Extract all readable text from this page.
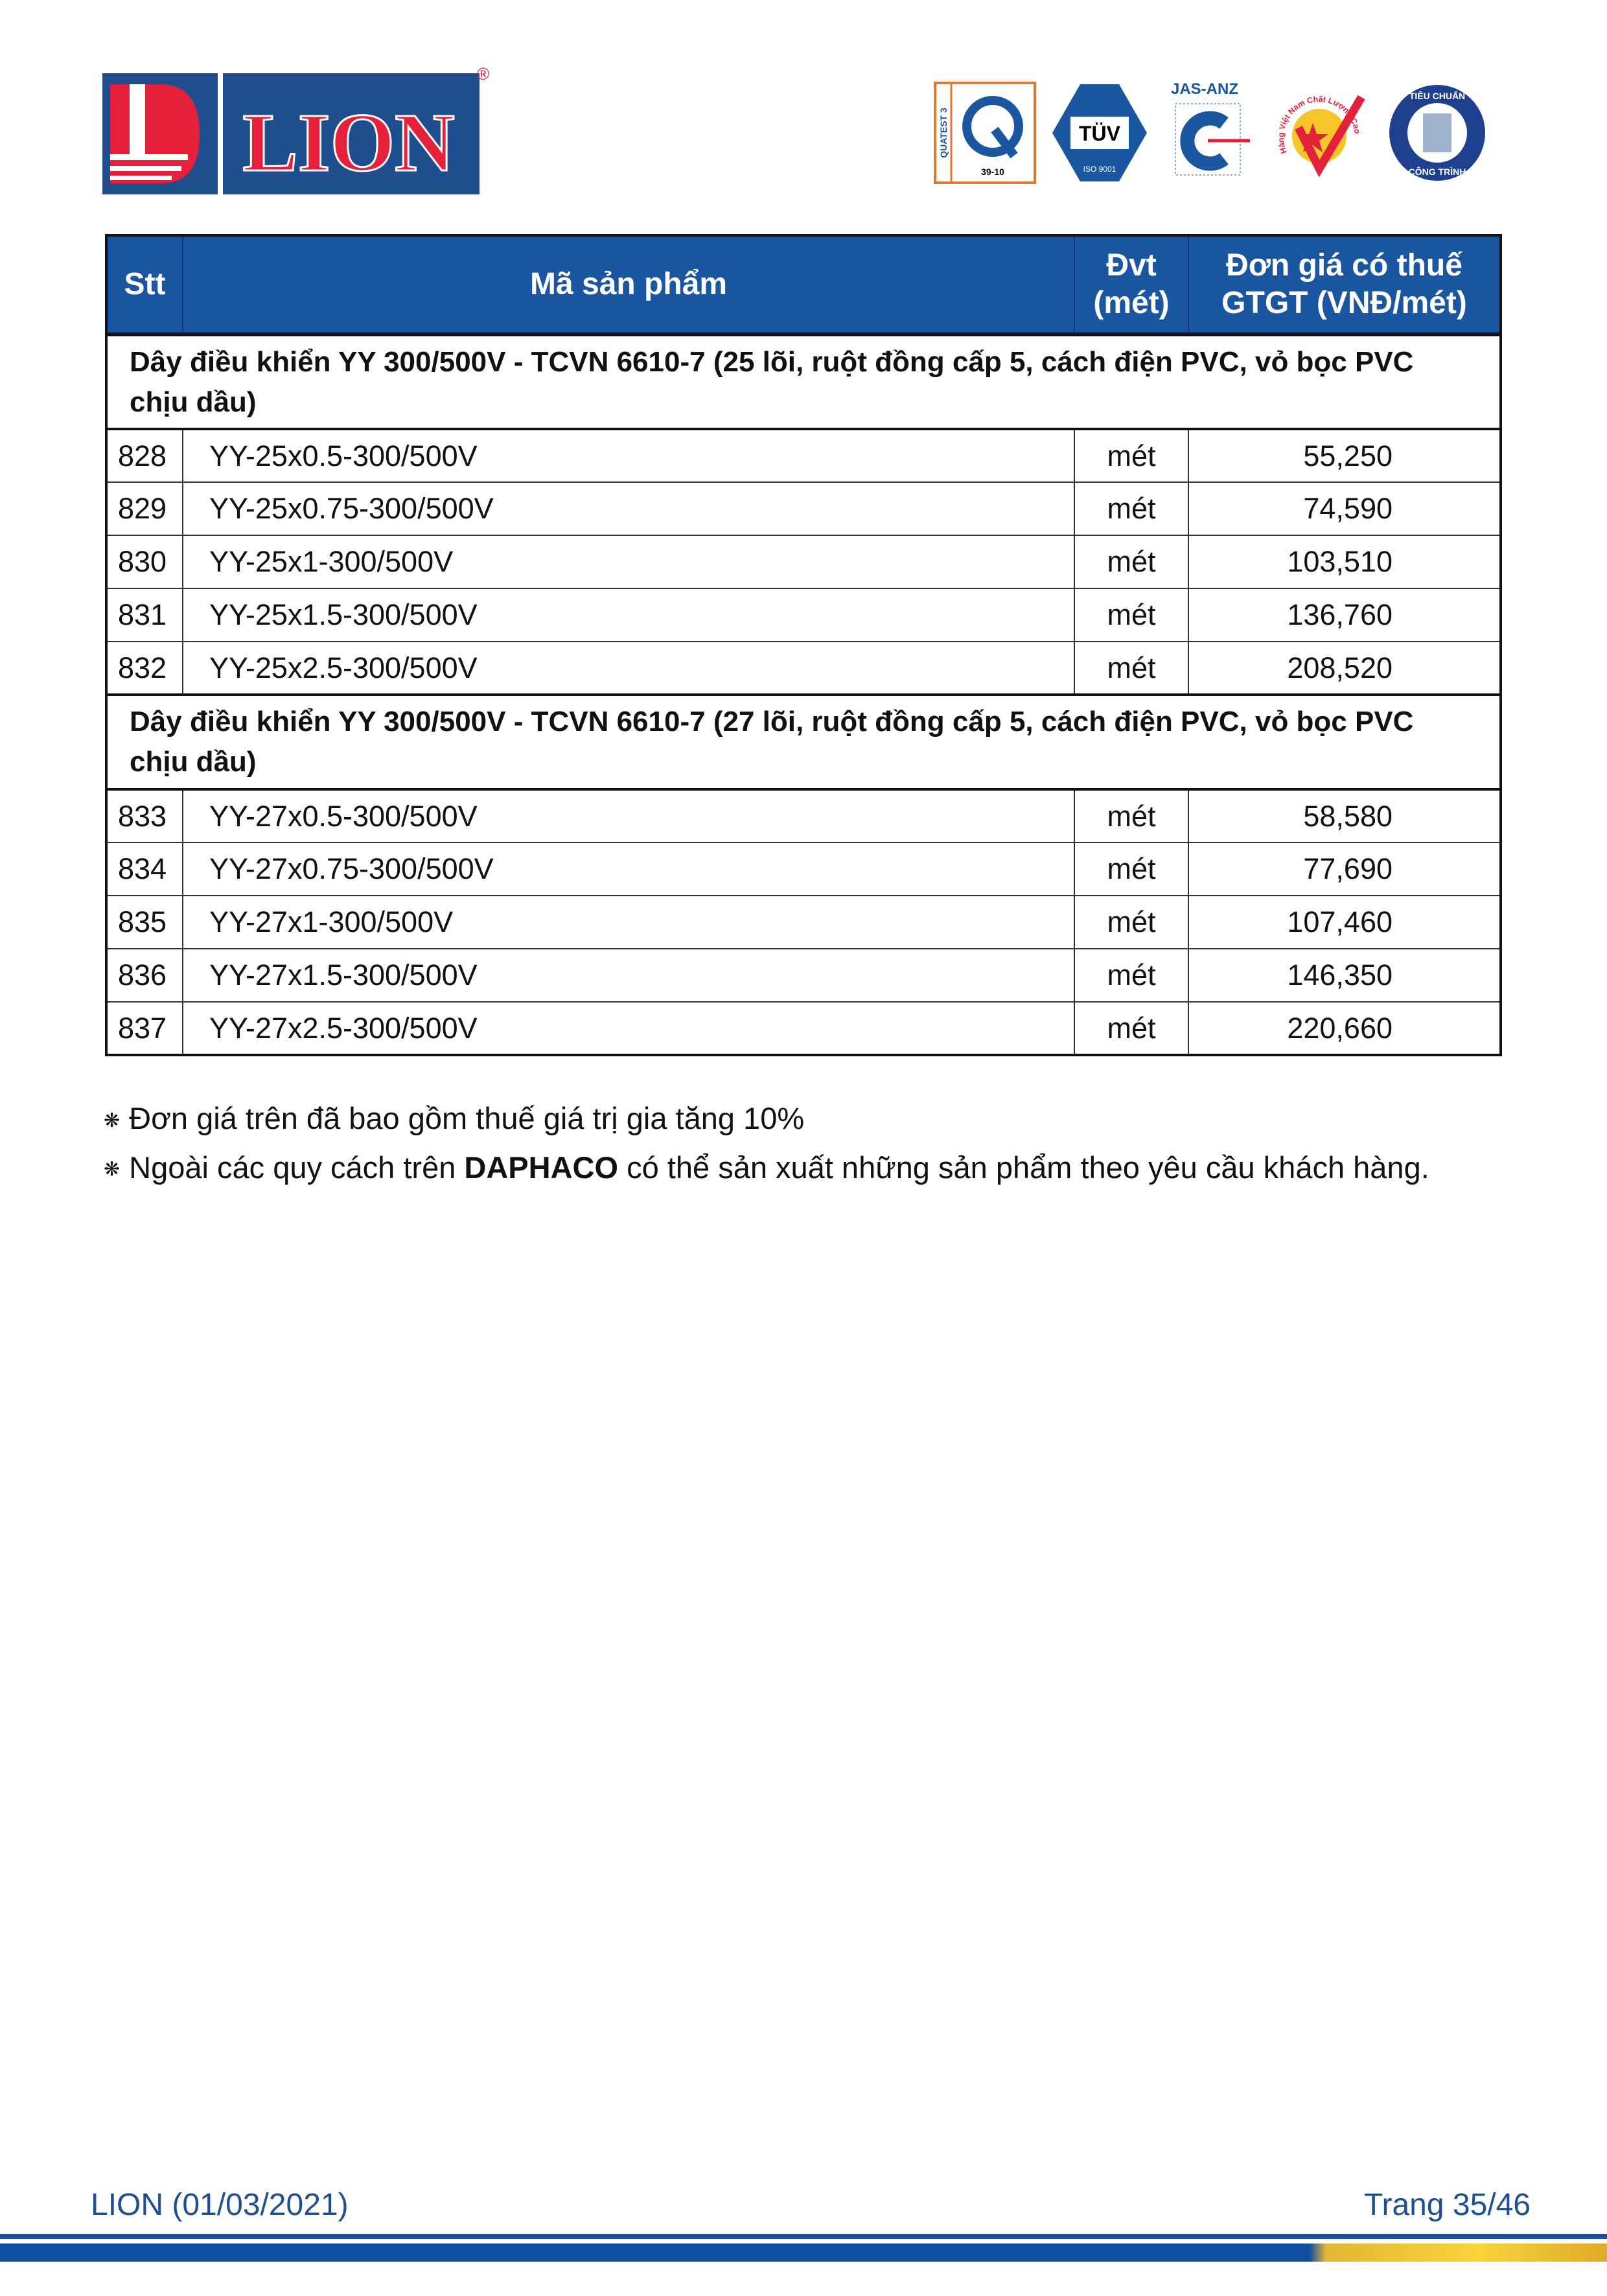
LION
®
QUATEST 3
39-10
TÜV
ISO 9001
JAS-ANZ
Hàng Việt Nam Chất Lượng Cao
TIÊU CHUẨN
CÔNG TRÌNH
Stt	Mã sản phẩm	Đvt (mét)	Đơn giá có thuế GTGT (VNĐ/mét)
Dây điều khiển YY 300/500V - TCVN 6610-7 (25 lõi, ruột đồng cấp 5, cách điện PVC, vỏ bọc PVC chịu dầu)			
828	YY-25x0.5-300/500V	mét	55,250
829	YY-25x0.75-300/500V	mét	74,590
830	YY-25x1-300/500V	mét	103,510
831	YY-25x1.5-300/500V	mét	136,760
832	YY-25x2.5-300/500V	mét	208,520
Dây điều khiển YY 300/500V - TCVN 6610-7 (27 lõi, ruột đồng cấp 5, cách điện PVC, vỏ bọc PVC chịu dầu)			
833	YY-27x0.5-300/500V	mét	58,580
834	YY-27x0.75-300/500V	mét	77,690
835	YY-27x1-300/500V	mét	107,460
836	YY-27x1.5-300/500V	mét	146,350
837	YY-27x2.5-300/500V	mét	220,660
❋ Đơn giá trên đã bao gồm thuế giá trị gia tăng 10%
❋ Ngoài các quy cách trên DAPHACO có thể sản xuất những sản phẩm theo yêu cầu khách hàng.
LION (01/03/2021)	Trang 35/46
